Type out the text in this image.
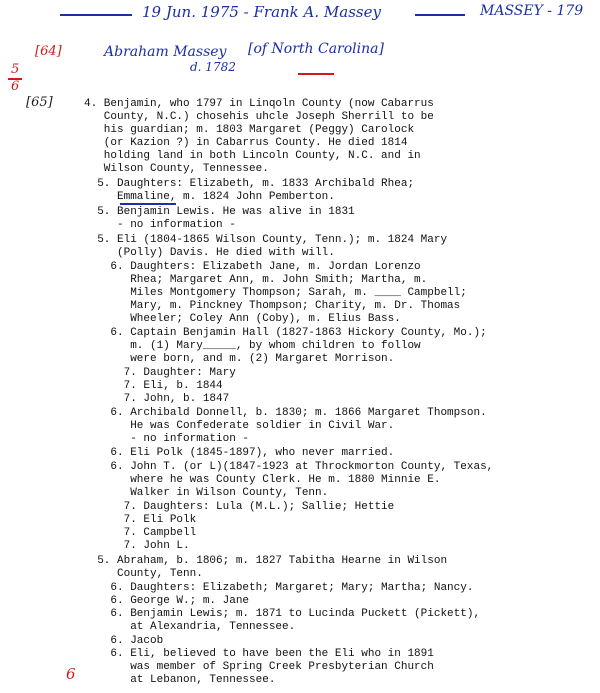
19 Jun. 1975 - Frank A. Massey	MASSEY - 179
[64]	Abraham Massey [of North Carolina]
d. 1782
5
6
[65]
6
4. Benjamin, who 1797 in Linqoln County (now Cabarrus
County, N.C.) chosehis uhcle Joseph Sherrill to be
his guardian; m. 1803 Margaret (Peggy) Carolock
(or Kazion ?) in Cabarrus County. He died 1814
holding land in both Lincoln County, N.C. and in
Wilson County, Tennessee.
5. Daughters: Elizabeth, m. 1833 Archibald Rhea;
Emmaline, m. 1824 John Pemberton.
5. Benjamin Lewis. He was alive in 1831
- no information -
5. Eli (1804-1865 Wilson County, Tenn.); m. 1824 Mary
(Polly) Davis. He died with will.
6. Daughters: Elizabeth Jane, m. Jordan Lorenzo
Rhea; Margaret Ann, m. John Smith; Martha, m.
Miles Montgomery Thompson; Sarah, m. ____ Campbell;
Mary, m. Pinckney Thompson; Charity, m. Dr. Thomas
Wheeler; Coley Ann (Coby), m. Elius Bass.
6. Captain Benjamin Hall (1827-1863 Hickory County, Mo.);
m. (1) Mary_____, by whom children to follow
were born, and m. (2) Margaret Morrison.
7. Daughter: Mary
7. Eli, b. 1844
7. John, b. 1847
6. Archibald Donnell, b. 1830; m. 1866 Margaret Thompson.
He was Confederate soldier in Civil War.
- no information -
6. Eli Polk (1845-1897), who never married.
6. John T. (or L)(1847-1923 at Throckmorton County, Texas,
where he was County Clerk. He m. 1880 Minnie E.
Walker in Wilson County, Tenn.
7. Daughters: Lula (M.L.); Sallie; Hettie
7. Eli Polk
7. Campbell
7. John L.
5. Abraham, b. 1806; m. 1827 Tabitha Hearne in Wilson
County, Tenn.
6. Daughters: Elizabeth; Margaret; Mary; Martha; Nancy.
6. George W.; m. Jane
6. Benjamin Lewis; m. 1871 to Lucinda Puckett (Pickett),
at Alexandria, Tennessee.
6. Jacob
6. Eli, believed to have been the Eli who in 1891
was member of Spring Creek Presbyterian Church
at Lebanon, Tennessee.
